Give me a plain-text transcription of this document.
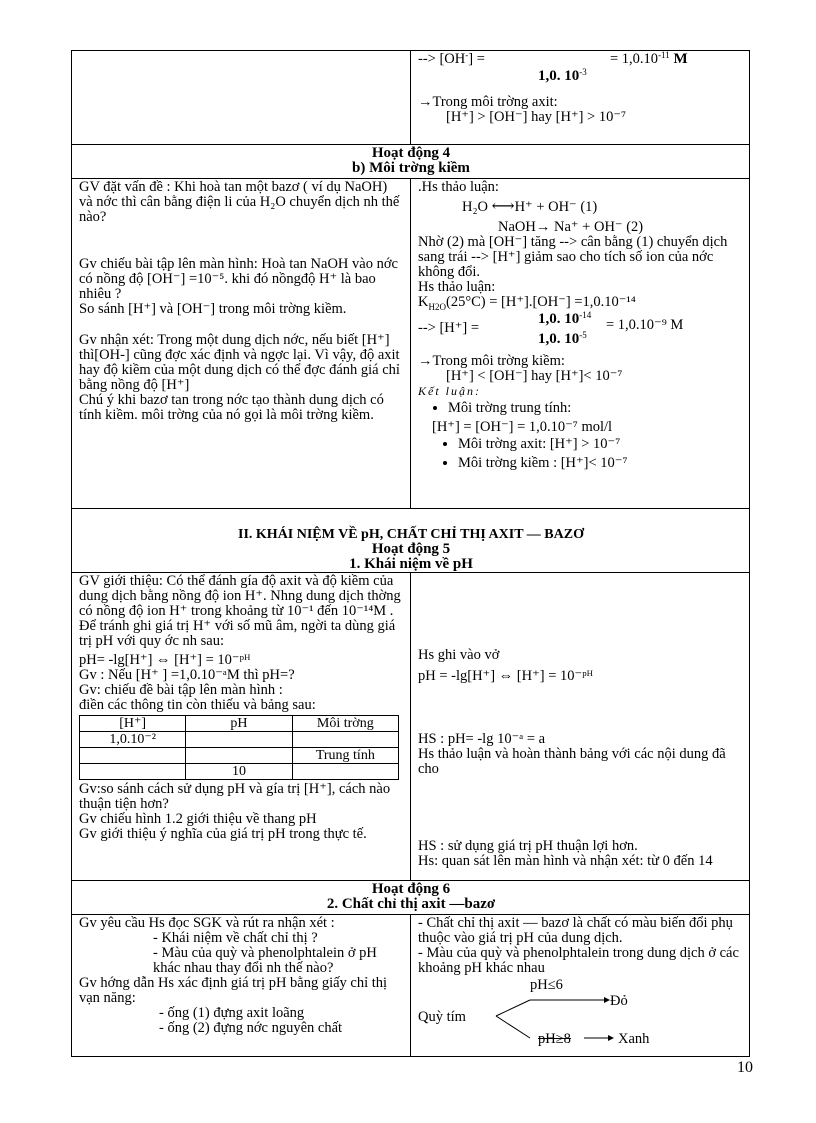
--> [OH-] =	= $1,0.10^{-11}$ M

1,0. $10^{-3}$

→Trong môi trờng axit:

[H⁺] > [OH⁻] hay [H⁺] > 10⁻⁷

Hoạt động 4
b) Môi trờng kiềm

GV đặt vấn đề : Khi hoà tan một bazơ ( ví dụ NaOH) và nớc thì cân bằng điện li của H₂O chuyển dịch nh thế nào?

Gv chiếu bài tập lên màn hình: Hoà tan NaOH vào nớc có nồng độ [OH⁻] =10⁻⁵. khi đó nồngđộ H⁺ là bao nhiêu ?

So sánh [H⁺] và [OH⁻] trong môi trờng kiềm.

Gv nhận xét: Trong một dung dịch nớc, nếu biết [H⁺] thì[OH-] cũng đợc xác định và ngợc lại. Vì vậy, độ axit hay độ kiềm của một dung dịch có thể đợc đánh giá chỉ bằng nồng độ [H⁺]

Chú ý khi bazơ tan trong nớc tạo thành dung dịch có tính kiềm. môi trờng của nó gọi là môi trờng kiềm.

.Hs thảo luận:

H₂O ⟷H⁺ + OH⁻ (1)

NaOH→ Na⁺ + OH⁻ (2)

Nhờ (2) mà [OH⁻] tăng --> cân bằng (1) chuyển dịch sang trái --> [H⁺] giảm sao cho tích số ion của nớc không đổi.

Hs thảo luận:

$K_{H2O}(25^\circ C) = [H^+].[OH^-] =1,0.10^{-14}$

--> [H⁺] =
1,0. $10^{-14}$
= 1,0.10⁻⁹ M
1,0. $10^{-5}$

→Trong môi trờng kiềm:

[H⁺] < [OH⁻] hay [H⁺]< 10⁻⁷

Kết luận:

• Môi trờng trung tính:

[H⁺] = [OH⁻] = 1,0.10⁻⁷ mol/l

• Môi trờng axit: [H⁺] > 10⁻⁷
• Môi trờng kiềm : [H⁺]< 10⁻⁷

II. KHÁI NIỆM VỀ pH, CHẤT CHỈ THỊ AXIT — BAZƠ
Hoạt động 5
1. Khái niệm về pH

GV giới thiệu: Có thể đánh gía độ axit và độ kiềm của dung dịch bằng nồng độ ion H⁺. Nhng dung dịch thờng có nồng độ ion H⁺ trong khoảng từ 10⁻¹ đến 10⁻¹⁴M .

Để tránh ghi giá trị H⁺ với số mũ âm, ngời ta dùng giá trị pH với quy ớc nh sau:

pH= -lg[H⁺] ⇔ [H⁺] = 10⁻ᵖᴴ

Gv : Nếu [H⁺ ] =1,0.10⁻ᵃM thì pH=?

Gv: chiếu đề bài tập lên màn hình :

điền các thông tin còn thiếu và bảng sau:

[H⁺]	pH	Môi trờng
1,0.10⁻²		
		Trung tính
	10	

Gv:so sánh cách sử dụng pH và gía trị [H⁺], cách nào thuận tiện hơn?

Gv chiếu hình 1.2 giới thiệu về thang pH

Gv giới thiệu ý nghĩa của giá trị pH trong thực tế.

Hs ghi vào vở

pH = -lg[H⁺] ⇔ [H⁺] = 10⁻ᵖᴴ

HS : pH= -lg 10⁻ᵃ = a

Hs thảo luận và hoàn thành bảng với các nội dung đã cho

HS : sử dụng giá trị pH thuận lợi hơn.

Hs: quan sát lên màn hình và nhận xét: từ 0 đến 14

Hoạt động 6
2. Chất chỉ thị axit —bazơ

Gv yêu cầu Hs đọc SGK và rút ra nhận xét :

- Khái niệm về chất chỉ thị ?

- Màu của quỳ và phenolphtalein ở pH khác nhau thay đổi nh thế nào?

Gv hớng dẫn Hs xác định giá trị pH bằng giấy chỉ thị vạn năng:

- ống (1) đựng axit loãng

- ống (2) đựng nớc nguyên chất

- Chất chỉ thị axit — bazơ là chất có màu biến đổi phụ thuộc vào giá trị pH của dung dịch.

- Màu của quỳ và phenolphtalein trong dung dịch ở các khoảng pH khác nhau

pH≤6
Đỏ
Quỳ tím
pH≥8	Xanh
10
